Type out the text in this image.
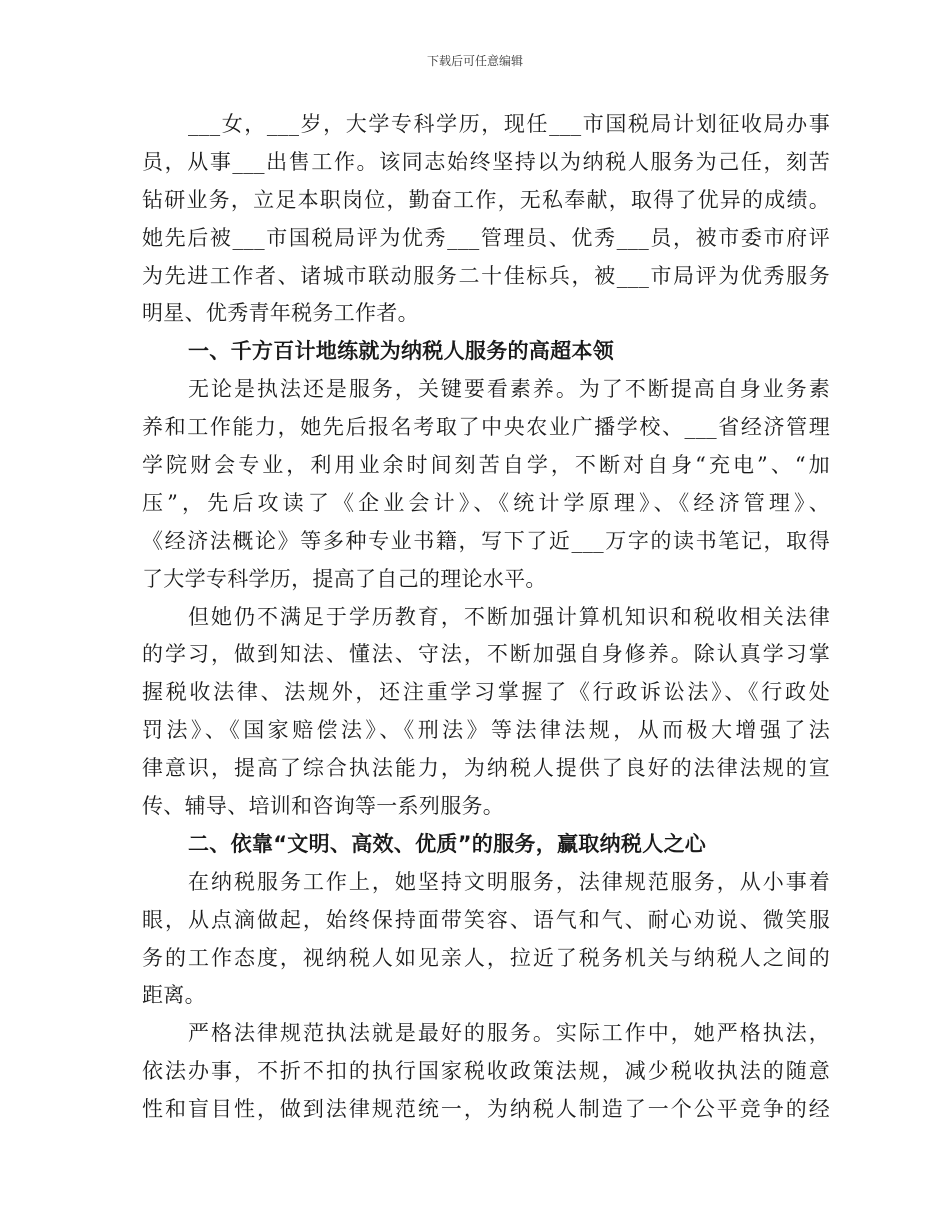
下载后可任意编辑
___女，___岁，大学专科学历，现任___市国税局计划征收局办事
员，从事___出售工作。该同志始终坚持以为纳税人服务为己任，刻苦
钻研业务，立足本职岗位，勤奋工作，无私奉献，取得了优异的成绩。
她先后被___市国税局评为优秀___管理员、优秀___员，被市委市府评
为先进工作者、诸城市联动服务二十佳标兵，被___市局评为优秀服务
明星、优秀青年税务工作者。
一、千方百计地练就为纳税人服务的高超本领
无论是执法还是服务，关键要看素养。为了不断提高自身业务素
养和工作能力，她先后报名考取了中央农业广播学校、___省经济管理
学院财会专业，利用业余时间刻苦自学，不断对自身“充电”、“加
压”，先后攻读了《企业会计》、《统计学原理》、《经济管理》、
《经济法概论》等多种专业书籍，写下了近___万字的读书笔记，取得
了大学专科学历，提高了自己的理论水平。
但她仍不满足于学历教育，不断加强计算机知识和税收相关法律
的学习，做到知法、懂法、守法，不断加强自身修养。除认真学习掌
握税收法律、法规外，还注重学习掌握了《行政诉讼法》、《行政处
罚法》、《国家赔偿法》、《刑法》等法律法规，从而极大增强了法
律意识，提高了综合执法能力，为纳税人提供了良好的法律法规的宣
传、辅导、培训和咨询等一系列服务。
二、依靠“文明、高效、优质”的服务，赢取纳税人之心
在纳税服务工作上，她坚持文明服务，法律规范服务，从小事着
眼，从点滴做起，始终保持面带笑容、语气和气、耐心劝说、微笑服
务的工作态度，视纳税人如见亲人，拉近了税务机关与纳税人之间的
距离。
严格法律规范执法就是最好的服务。实际工作中，她严格执法，
依法办事，不折不扣的执行国家税收政策法规，减少税收执法的随意
性和盲目性，做到法律规范统一，为纳税人制造了一个公平竞争的经
